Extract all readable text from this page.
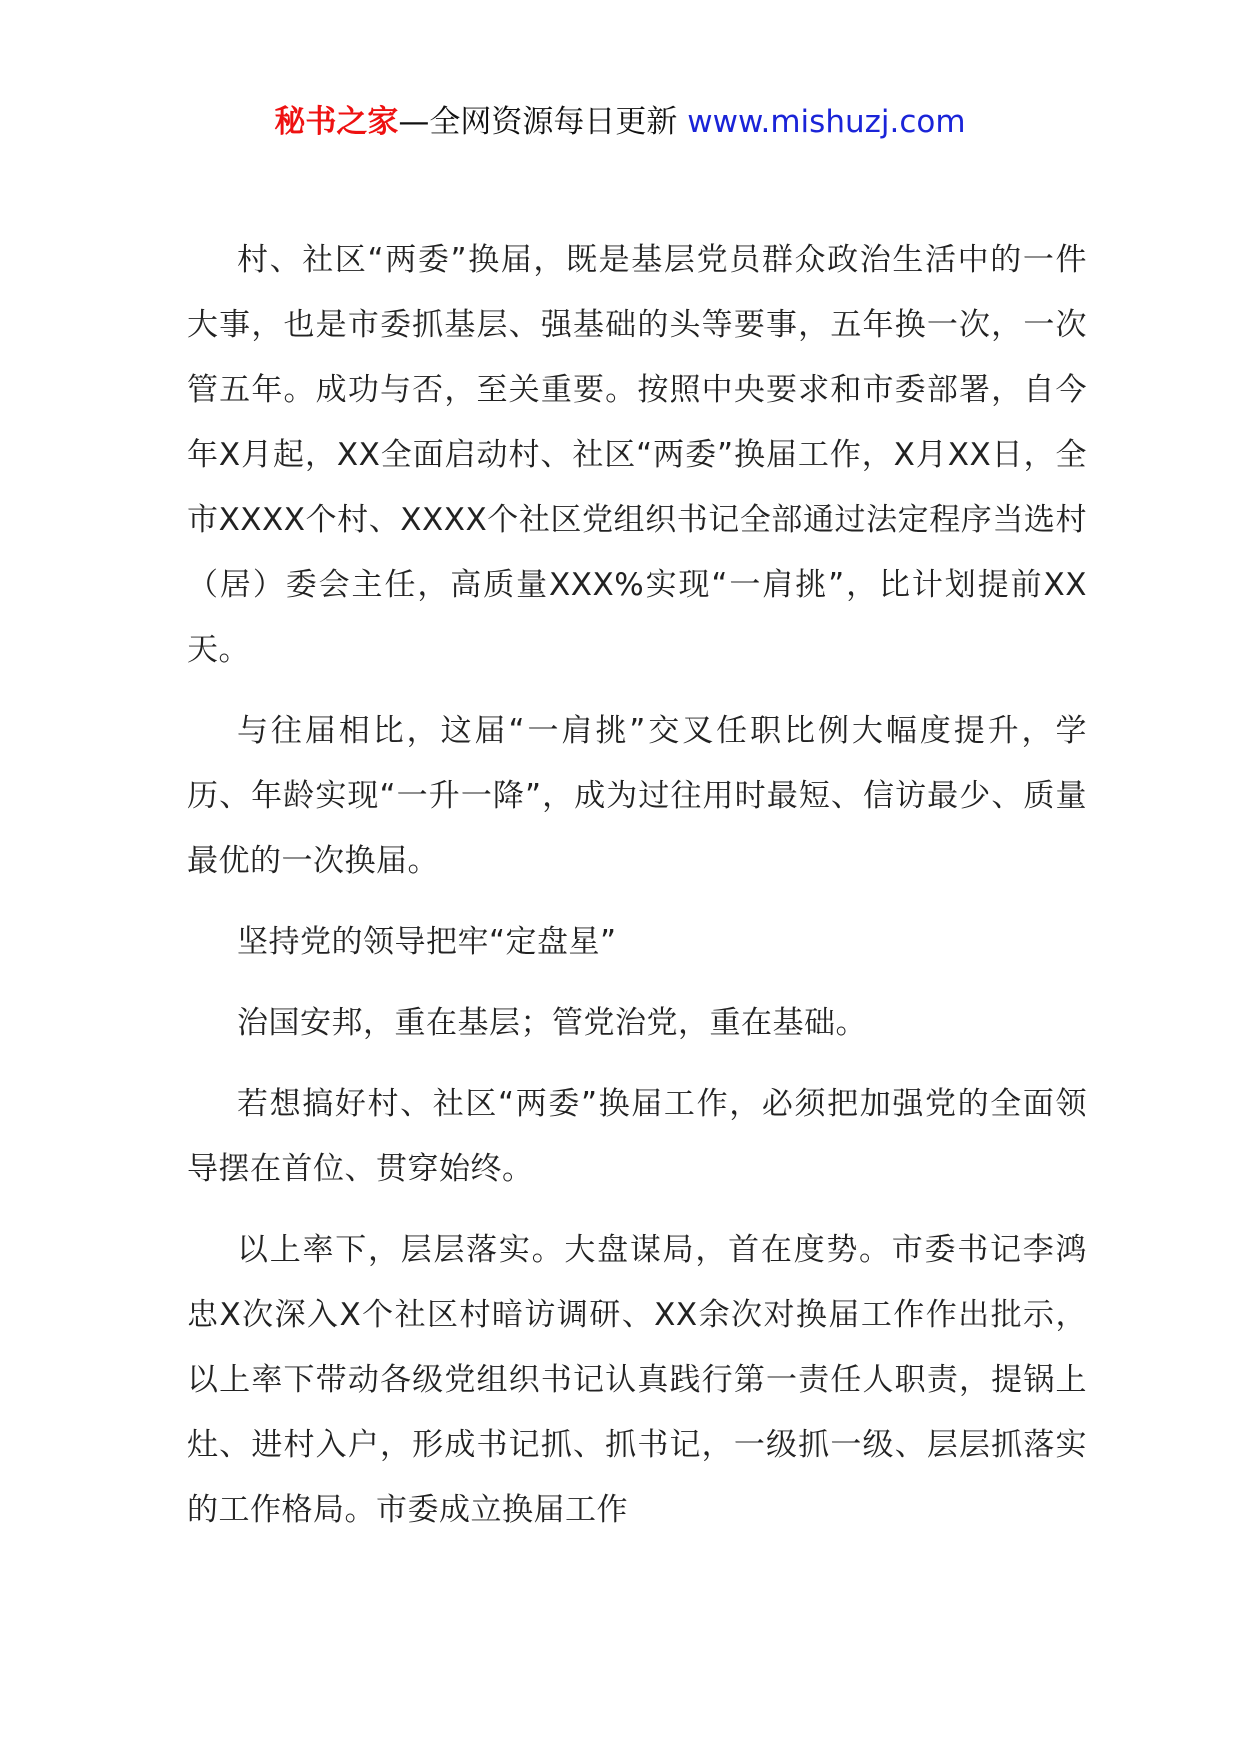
秘书之家—全网资源每日更新 www.mishuzj.com

村、社区“两委”换届，既是基层党员群众政治生活中的一件大事，也是市委抓基层、强基础的头等要事，五年换一次，一次管五年。成功与否，至关重要。按照中央要求和市委部署，自今年X月起，XX全面启动村、社区“两委”换届工作，X月XX日，全市XXXX个村、XXXX个社区党组织书记全部通过法定程序当选村（居）委会主任，高质量XXX%实现“一肩挑”，比计划提前XX天。

与往届相比，这届“一肩挑”交叉任职比例大幅度提升，学历、年龄实现“一升一降”，成为过往用时最短、信访最少、质量最优的一次换届。

坚持党的领导把牢“定盘星”

治国安邦，重在基层；管党治党，重在基础。

若想搞好村、社区“两委”换届工作，必须把加强党的全面领导摆在首位、贯穿始终。

以上率下，层层落实。大盘谋局，首在度势。市委书记李鸿忠X次深入X个社区村暗访调研、XX余次对换届工作作出批示，以上率下带动各级党组织书记认真践行第一责任人职责，提锅上灶、进村入户，形成书记抓、抓书记，一级抓一级、层层抓落实的工作格局。市委成立换届工作
